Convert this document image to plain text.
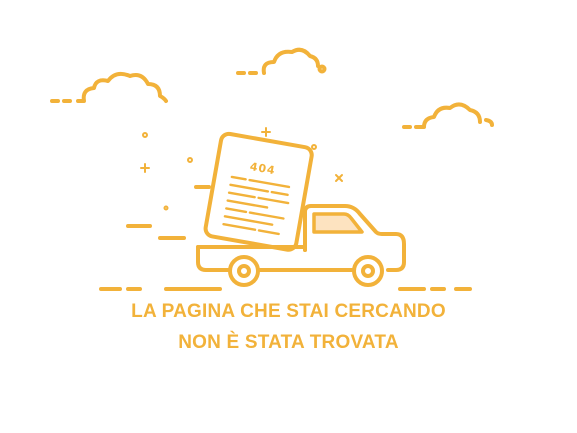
404
LA PAGINA CHE STAI CERCANDO
NON È STATA TROVATA
